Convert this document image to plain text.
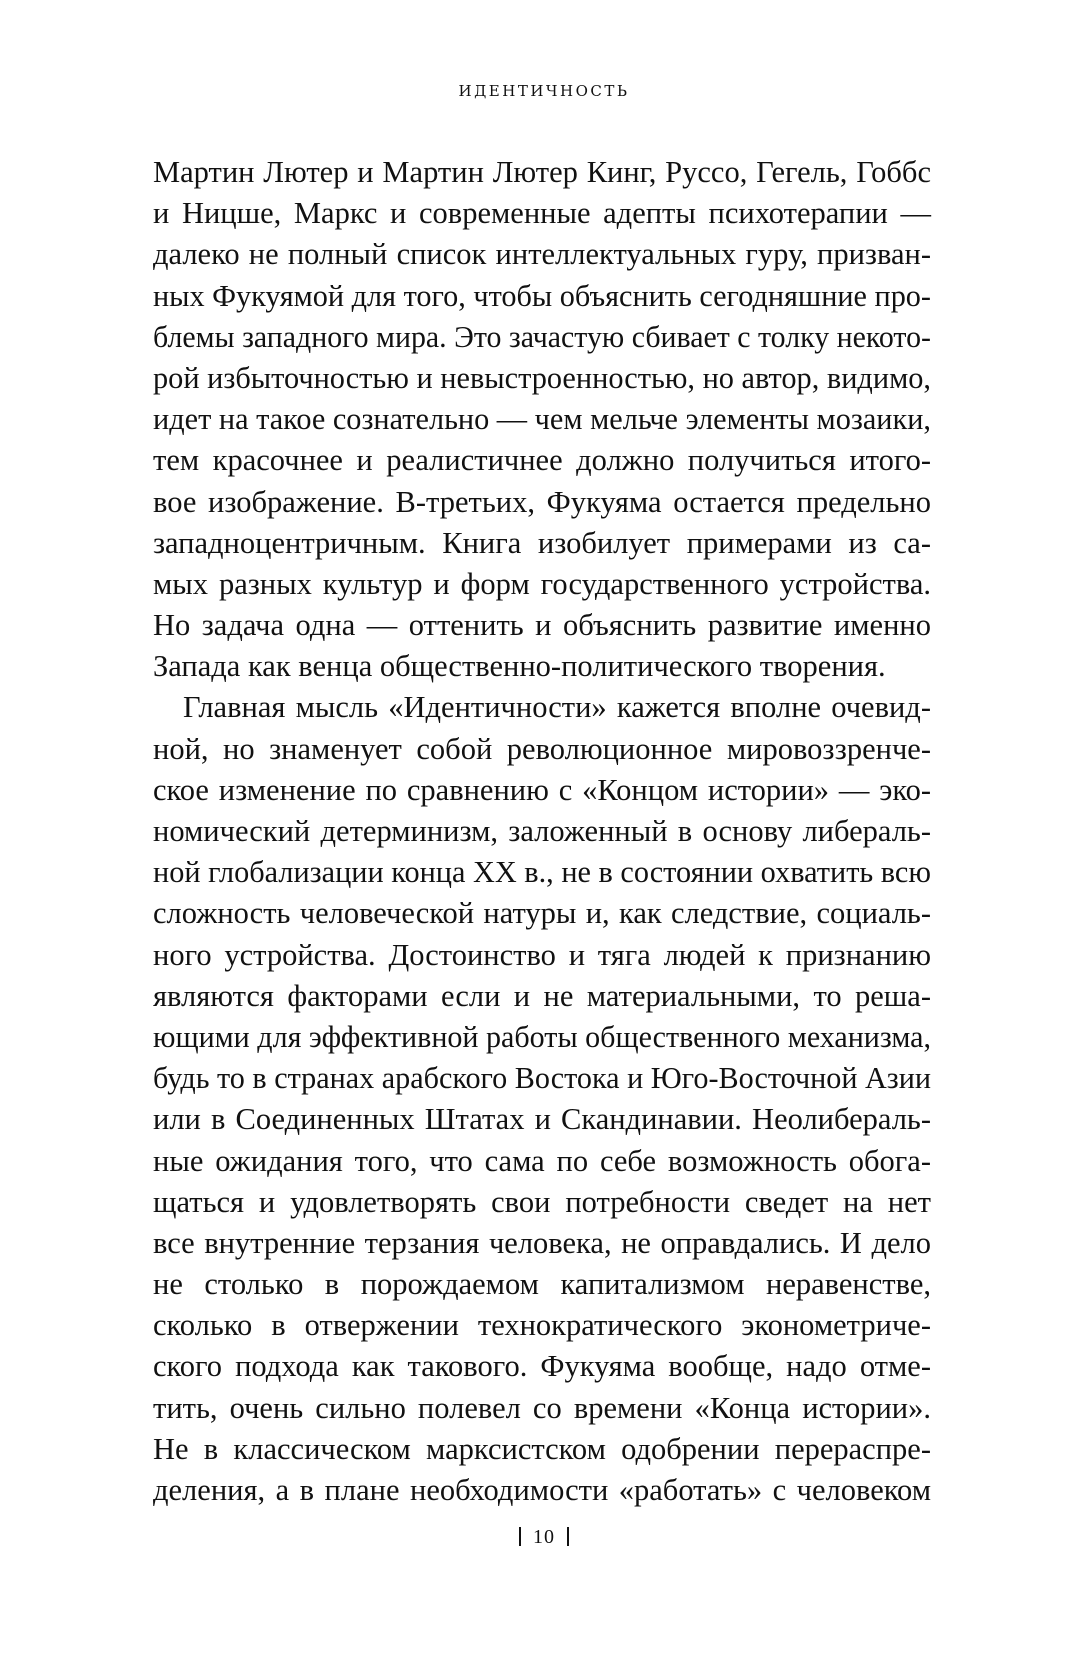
ИДЕНТИЧНОСТЬ
Мартин Лютер и Мартин Лютер Кинг, Руссо, Гегель, Гоббс
и Ницше, Маркс и современные адепты психотерапии —
далеко не полный список интеллектуальных гуру, призван-
ных Фукуямой для того, чтобы объяснить сегодняшние про-
блемы западного мира. Это зачастую сбивает с толку некото-
рой избыточностью и невыстроенностью, но автор, видимо,
идет на такое сознательно — чем мельче элементы мозаики,
тем красочнее и реалистичнее должно получиться итого-
вое изображение. В-третьих, Фукуяма остается предельно
западноцентричным. Книга изобилует примерами из са-
мых разных культур и форм государственного устройства.
Но задача одна — оттенить и объяснить развитие именно
Запада как венца общественно-политического творения.
Главная мысль «Идентичности» кажется вполне очевид-
ной, но знаменует собой революционное мировоззренче-
ское изменение по сравнению с «Концом истории» — эко-
номический детерминизм, заложенный в основу либераль-
ной глобализации конца XX в., не в состоянии охватить всю
сложность человеческой натуры и, как следствие, социаль-
ного устройства. Достоинство и тяга людей к признанию
являются факторами если и не материальными, то реша-
ющими для эффективной работы общественного механизма,
будь то в странах арабского Востока и Юго-Восточной Азии
или в Соединенных Штатах и Скандинавии. Неолибераль-
ные ожидания того, что сама по себе возможность обога-
щаться и удовлетворять свои потребности сведет на нет
все внутренние терзания человека, не оправдались. И дело
не столько в порождаемом капитализмом неравенстве,
сколько в отвержении технократического эконометриче-
ского подхода как такового. Фукуяма вообще, надо отме-
тить, очень сильно полевел со времени «Конца истории».
Не в классическом марксистском одобрении перераспре-
деления, а в плане необходимости «работать» с человеком
10
